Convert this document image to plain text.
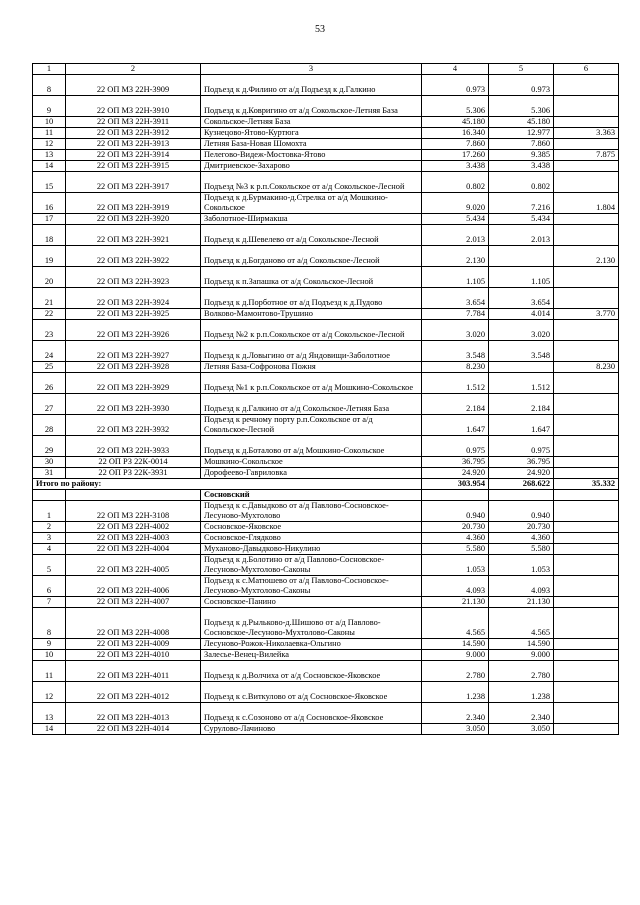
53
1	2	3	4	5	6
8	22 ОП МЗ 22Н-3909	Подъезд к д.Филино от а/д Подъезд к д.Галкино	0.973	0.973	
9	22 ОП МЗ 22Н-3910	Подъезд к д.Ковригино от а/д Сокольское-Летняя База	5.306	5.306	
10	22 ОП МЗ 22Н-3911	Сокольское-Летняя База	45.180	45.180	
11	22 ОП МЗ 22Н-3912	Кузнецово-Ятово-Куртюга	16.340	12.977	3.363
12	22 ОП МЗ 22Н-3913	Летняя База-Новая Шомохта	7.860	7.860	
13	22 ОП МЗ 22Н-3914	Пелегово-Видеж-Мостовка-Ятово	17.260	9.385	7.875
14	22 ОП МЗ 22Н-3915	Дмитриевское-Захарово	3.438	3.438	
15	22 ОП МЗ 22Н-3917	Подъезд №3 к р.п.Сокольское от а/д Сокольское-Лесной	0.802	0.802	
16	22 ОП МЗ 22Н-3919	Подъезд к д.Бурмакино-д.Стрелка от а/д Мошкино-Сокольское	9.020	7.216	1.804
17	22 ОП МЗ 22Н-3920	Заболотное-Ширмакша	5.434	5.434	
18	22 ОП МЗ 22Н-3921	Подъезд к д.Шевелево от а/д Сокольское-Лесной	2.013	2.013	
19	22 ОП МЗ 22Н-3922	Подъезд к д.Богданово от а/д Сокольское-Лесной	2.130		2.130
20	22 ОП МЗ 22Н-3923	Подъезд к п.Запашка от а/д Сокольское-Лесной	1.105	1.105	
21	22 ОП МЗ 22Н-3924	Подъезд к д.Порботное от а/д Подъезд к д.Пудово	3.654	3.654	
22	22 ОП МЗ 22Н-3925	Волково-Мамонтово-Трушино	7.784	4.014	3.770
23	22 ОП МЗ 22Н-3926	Подъезд №2 к р.п.Сокольское от а/д Сокольское-Лесной	3.020	3.020	
24	22 ОП МЗ 22Н-3927	Подъезд к д.Ловыгино от а/д Яндовищи-Заболотное	3.548	3.548	
25	22 ОП МЗ 22Н-3928	Летняя База-Софронова Пожня	8.230		8.230
26	22 ОП МЗ 22Н-3929	Подъезд №1 к р.п.Сокольское от а/д Мошкино-Сокольское	1.512	1.512	
27	22 ОП МЗ 22Н-3930	Подъезд к д.Галкино от а/д Сокольское-Летняя База	2.184	2.184	
28	22 ОП МЗ 22Н-3932	Подъезд к речному порту р.п.Сокольское от а/д Сокольское-Лесной	1.647	1.647	
29	22 ОП МЗ 22Н-3933	Подъезд к д.Боталово от а/д Мошкино-Сокольское	0.975	0.975	
30	22 ОП РЗ 22К-0014	Мошкино-Сокольское	36.795	36.795	
31	22 ОП РЗ 22К-3931	Дорофеево-Гавриловка	24.920	24.920	
Итого по району:			303.954	268.622	35.332
		Сосновский			
1	22 ОП МЗ 22Н-3108	Подъезд к с.Давыдково от а/д Павлово-Сосновское-Лесуново-Мухтолово	0.940	0.940	
2	22 ОП МЗ 22Н-4002	Сосновское-Яковское	20.730	20.730	
3	22 ОП МЗ 22Н-4003	Сосновское-Глядково	4.360	4.360	
4	22 ОП МЗ 22Н-4004	Муханово-Давыдково-Никулино	5.580	5.580	
5	22 ОП МЗ 22Н-4005	Подъезд к д.Болотино от а/д Павлово-Сосновское-Лесуново-Мухтолово-Саконы	1.053	1.053	
6	22 ОП МЗ 22Н-4006	Подъезд к с.Матюшево от а/д Павлово-Сосновское-Лесуново-Мухтолово-Саконы	4.093	4.093	
7	22 ОП МЗ 22Н-4007	Сосновское-Панино	21.130	21.130	
8	22 ОП МЗ 22Н-4008	Подъезд к д.Рыльково-д.Шишово от а/д Павлово-Сосновское-Лесуново-Мухтолово-Саконы	4.565	4.565	
9	22 ОП МЗ 22Н-4009	Лесуново-Рожок-Николаевка-Ольгино	14.590	14.590	
10	22 ОП МЗ 22Н-4010	Залесье-Венец-Вилейка	9.000	9.000	
11	22 ОП МЗ 22Н-4011	Подъезд к д.Волчиха от а/д Сосновское-Яковское	2.780	2.780	
12	22 ОП МЗ 22Н-4012	Подъезд к с.Виткулово от а/д Сосновское-Яковское	1.238	1.238	
13	22 ОП МЗ 22Н-4013	Подъезд к с.Созоново от а/д Сосновское-Яковское	2.340	2.340	
14	22 ОП МЗ 22Н-4014	Сурулово-Лачиново	3.050	3.050	
